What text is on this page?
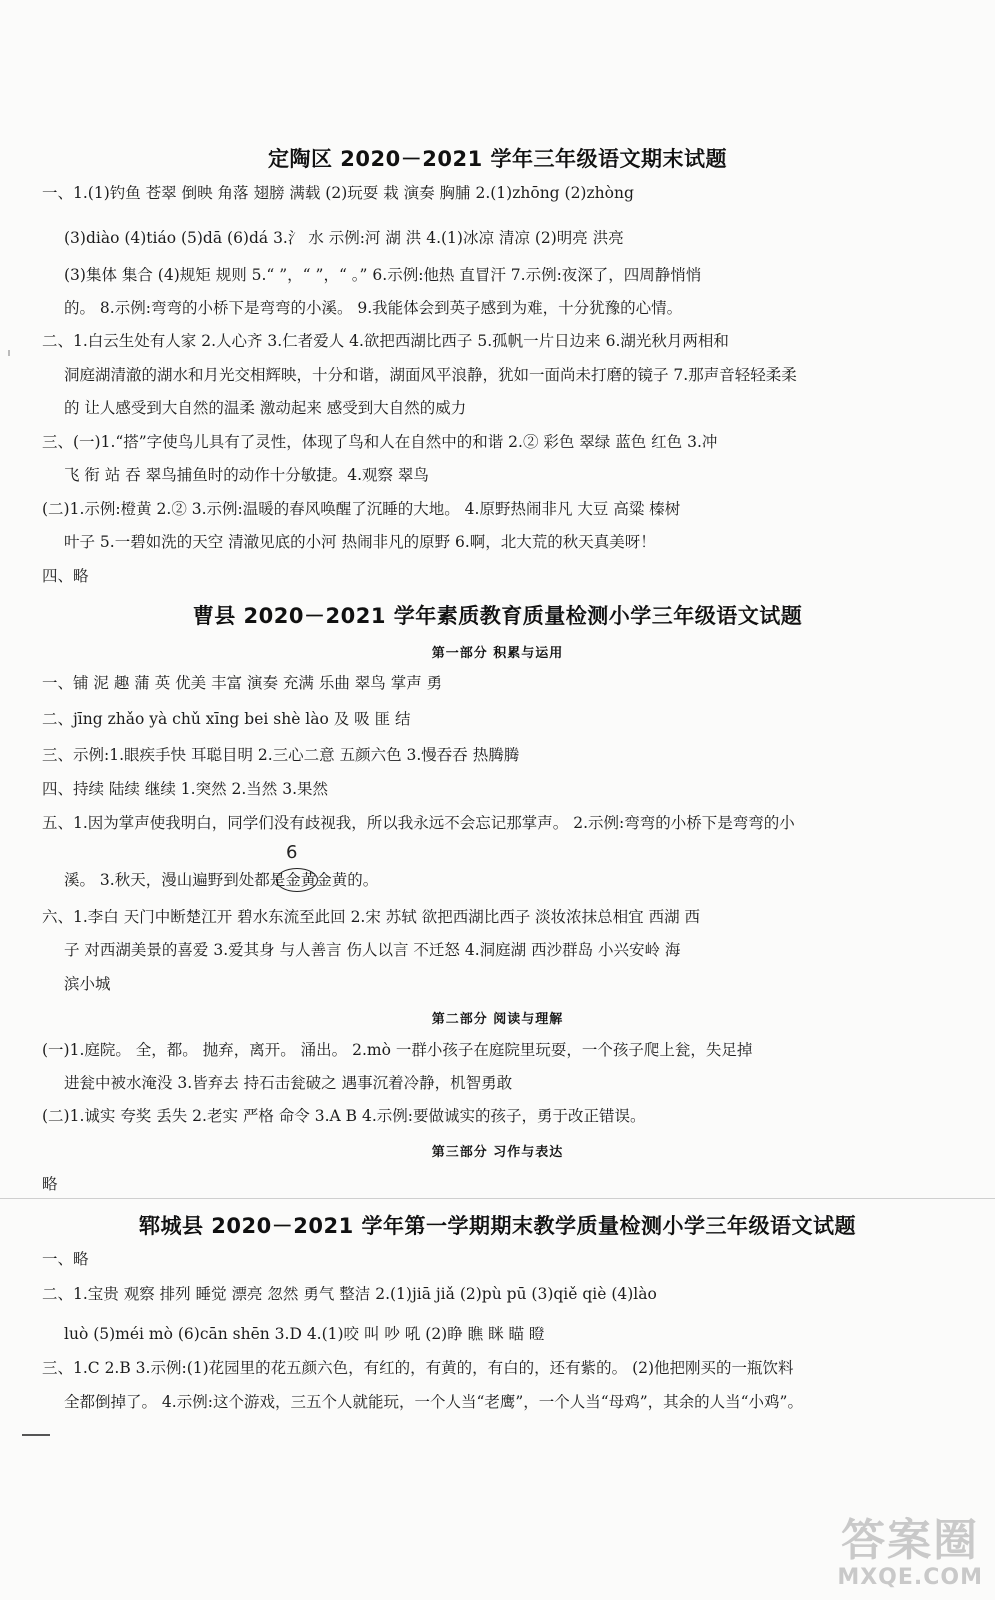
定陶区 2020－2021 学年三年级语文期末试题
一、1.(1)钓鱼 苍翠 倒映 角落 翅膀 满载 (2)玩耍 栽 演奏 胸脯 2.(1)zhōng (2)zhòng
(3)diào (4)tiáo (5)dā (6)dá 3.氵 水 示例:河 湖 洪 4.(1)冰凉 清凉 (2)明亮 洪亮
(3)集体 集合 (4)规矩 规则 5.“ ”，“ ”，“ 。” 6.示例:他热 直冒汗 7.示例:夜深了，四周静悄悄
的。 8.示例:弯弯的小桥下是弯弯的小溪。 9.我能体会到英子感到为难，十分犹豫的心情。
二、1.白云生处有人家 2.人心齐 3.仁者爱人 4.欲把西湖比西子 5.孤帆一片日边来 6.湖光秋月两相和
洞庭湖清澈的湖水和月光交相辉映，十分和谐，湖面风平浪静，犹如一面尚未打磨的镜子 7.那声音轻轻柔柔
的 让人感受到大自然的温柔 激动起来 感受到大自然的威力
三、(一)1.“搭”字使鸟儿具有了灵性，体现了鸟和人在自然中的和谐 2.② 彩色 翠绿 蓝色 红色 3.冲
飞 衔 站 吞 翠鸟捕鱼时的动作十分敏捷。4.观察 翠鸟
(二)1.示例:橙黄 2.② 3.示例:温暖的春风唤醒了沉睡的大地。 4.原野热闹非凡 大豆 高粱 榛树
叶子 5.一碧如洗的天空 清澈见底的小河 热闹非凡的原野 6.啊，北大荒的秋天真美呀！
四、略
曹县 2020－2021 学年素质教育质量检测小学三年级语文试题
第一部分 积累与运用
一、铺 泥 趣 蒲 英 优美 丰富 演奏 充满 乐曲 翠鸟 掌声 勇
二、jīng zhǎo yà chǔ xīng bei shè lào 及 吸 匪 结
三、示例:1.眼疾手快 耳聪目明 2.三心二意 五颜六色 3.慢吞吞 热腾腾
四、持续 陆续 继续 1.突然 2.当然 3.果然
五、1.因为掌声使我明白，同学们没有歧视我，所以我永远不会忘记那掌声。 2.示例:弯弯的小桥下是弯弯的小
溪。 3.秋天，漫山遍野到处都是金黄金黄的。
6
六、1.李白 天门中断楚江开 碧水东流至此回 2.宋 苏轼 欲把西湖比西子 淡妆浓抹总相宜 西湖 西
子 对西湖美景的喜爱 3.爱其身 与人善言 伤人以言 不迁怒 4.洞庭湖 西沙群岛 小兴安岭 海
滨小城
第二部分 阅读与理解
(一)1.庭院。 全，都。 抛弃，离开。 涌出。 2.mò 一群小孩子在庭院里玩耍，一个孩子爬上瓮，失足掉
进瓮中被水淹没 3.皆弃去 持石击瓮破之 遇事沉着冷静，机智勇敢
(二)1.诚实 夸奖 丢失 2.老实 严格 命令 3.A B 4.示例:要做诚实的孩子，勇于改正错误。
第三部分 习作与表达
略
郓城县 2020－2021 学年第一学期期末教学质量检测小学三年级语文试题
一、略
二、1.宝贵 观察 排列 睡觉 漂亮 忽然 勇气 整洁 2.(1)jiā jiǎ (2)pù pū (3)qiě qiè (4)lào
luò (5)méi mò (6)cān shēn 3.D 4.(1)咬 叫 吵 吼 (2)睁 瞧 眯 瞄 瞪
三、1.C 2.B 3.示例:(1)花园里的花五颜六色，有红的，有黄的，有白的，还有紫的。 (2)他把刚买的一瓶饮料
全都倒掉了。 4.示例:这个游戏，三五个人就能玩，一个人当“老鹰”，一个人当“母鸡”，其余的人当“小鸡”。
答案圈
MXQE.COM
